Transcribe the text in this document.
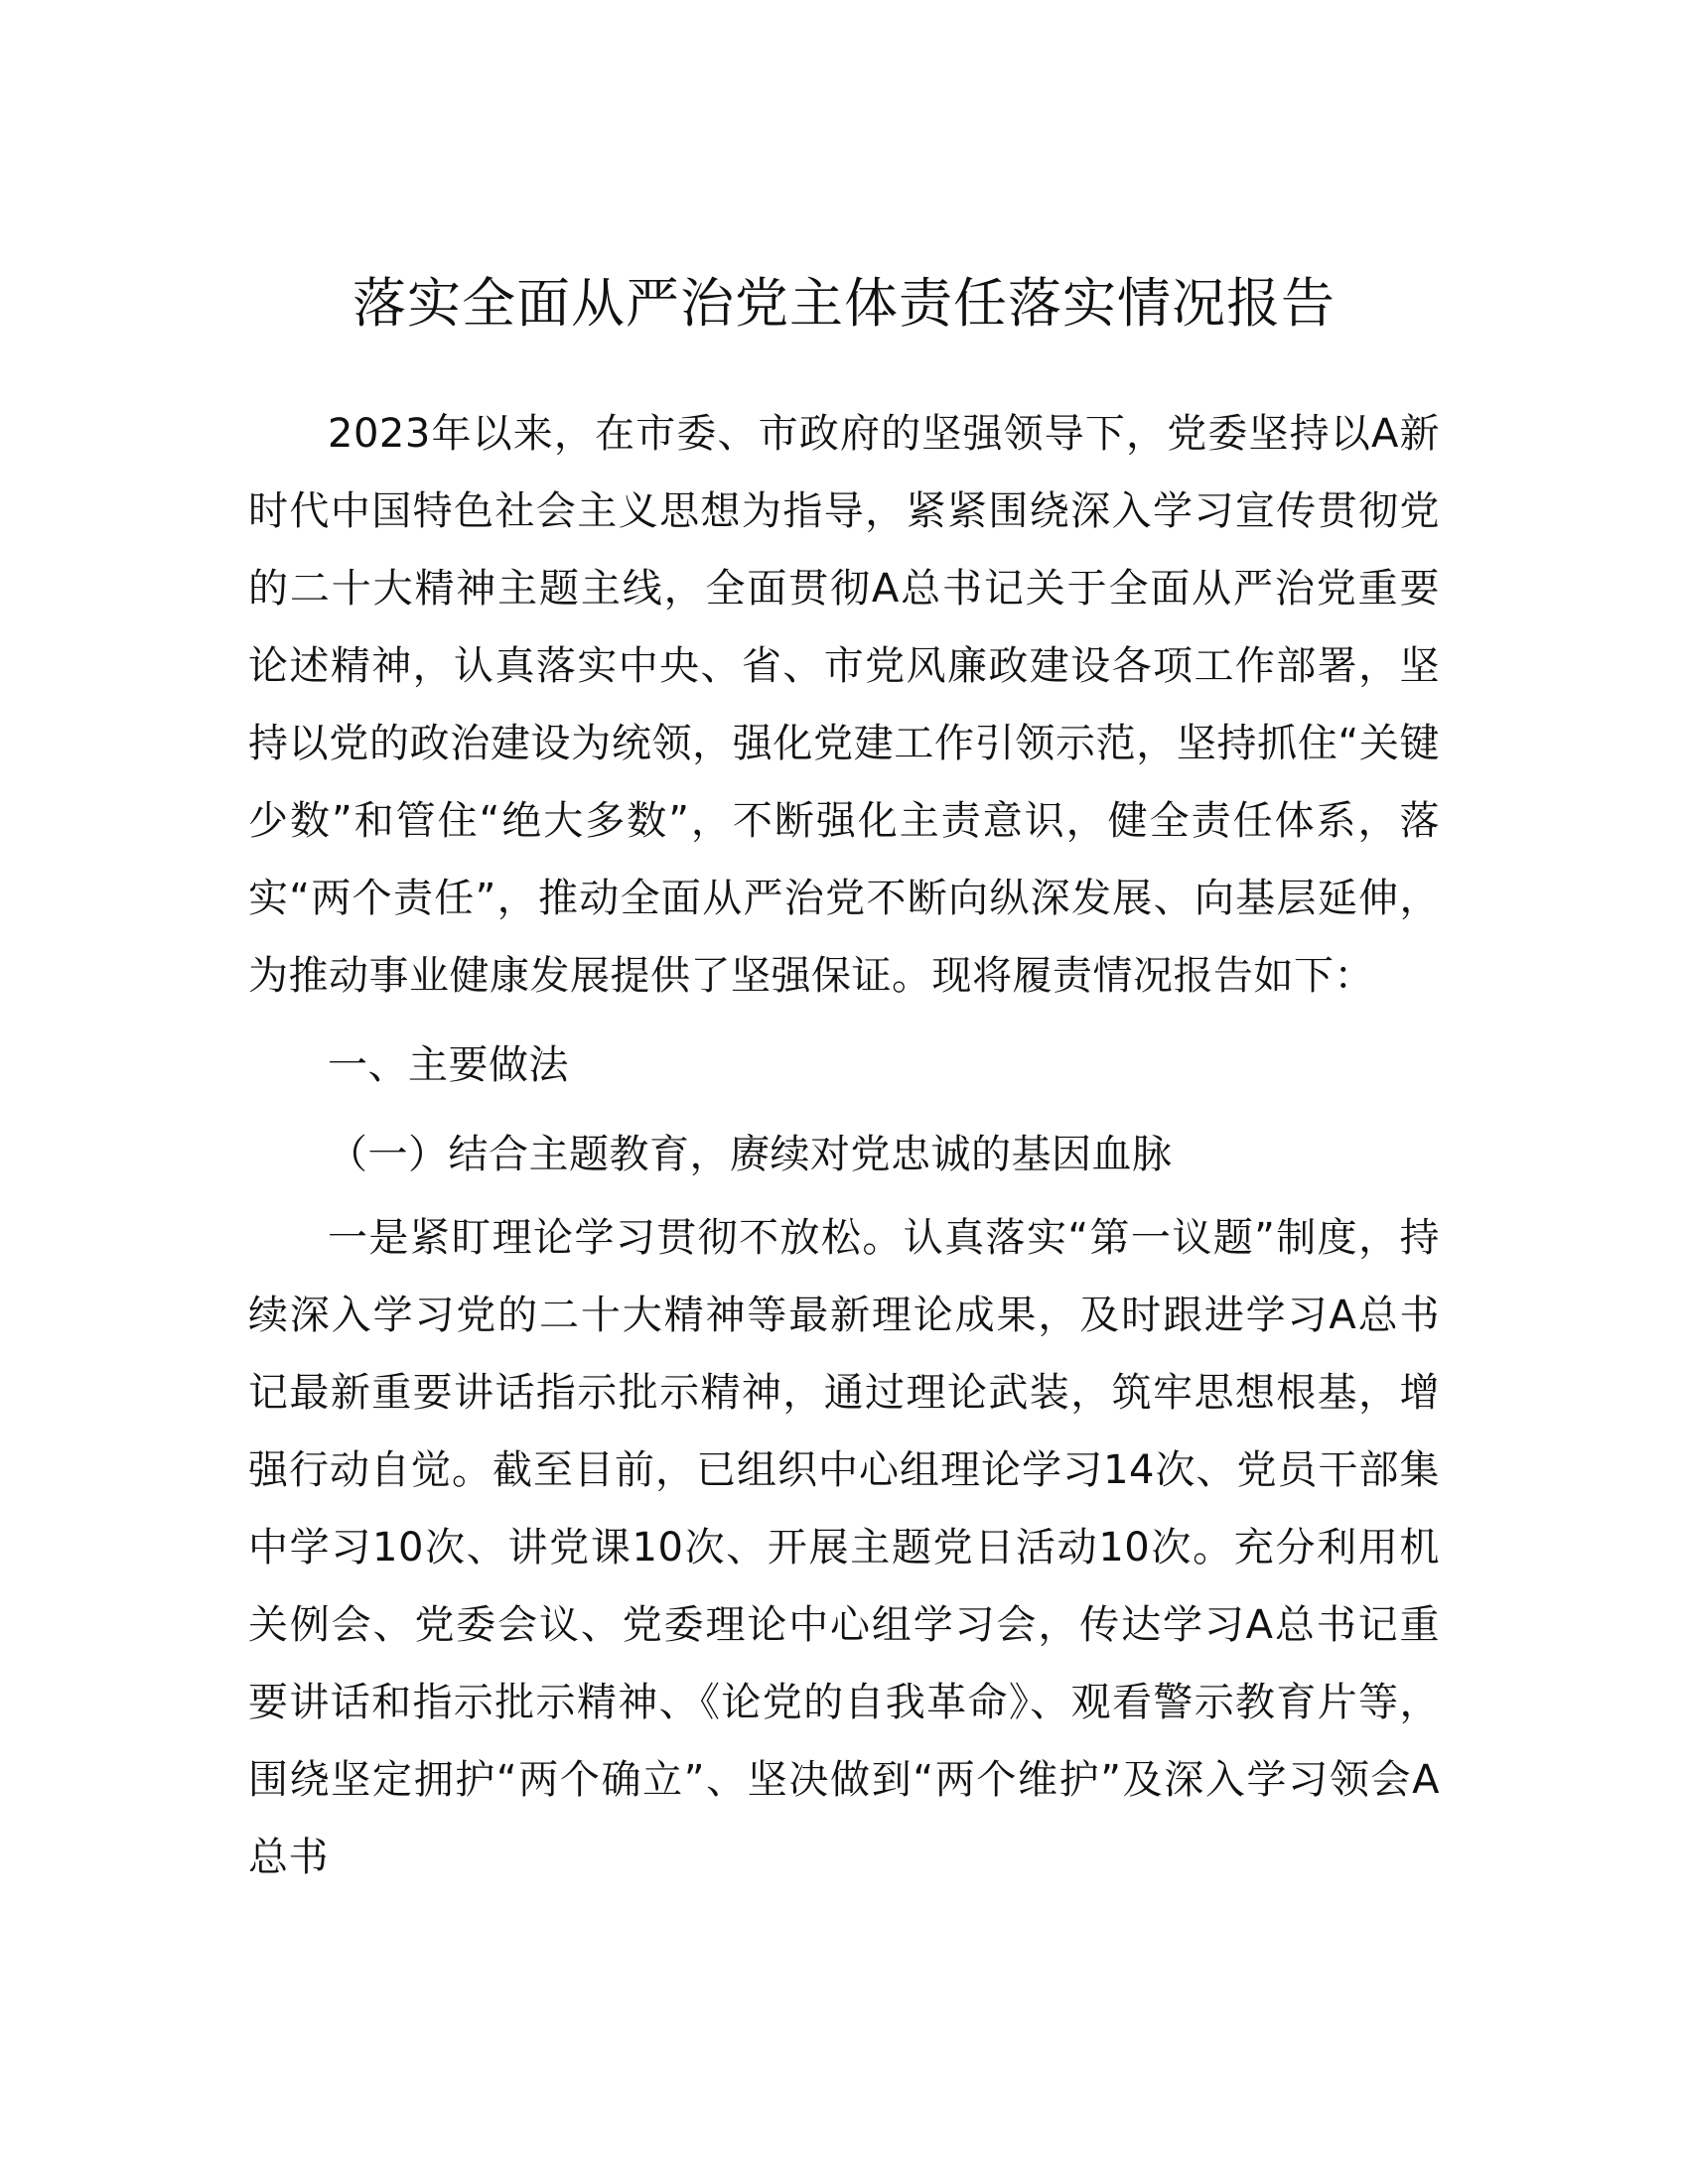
落实全面从严治党主体责任落实情况报告

2023年以来，在市委、市政府的坚强领导下，党委坚持以A新时代中国特色社会主义思想为指导，紧紧围绕深入学习宣传贯彻党的二十大精神主题主线，全面贯彻A总书记关于全面从严治党重要论述精神，认真落实中央、省、市党风廉政建设各项工作部署，坚持以党的政治建设为统领，强化党建工作引领示范，坚持抓住“关键少数”和管住“绝大多数”，不断强化主责意识，健全责任体系，落实“两个责任”，推动全面从严治党不断向纵深发展、向基层延伸，为推动事业健康发展提供了坚强保证。现将履责情况报告如下：

一、主要做法

（一）结合主题教育，赓续对党忠诚的基因血脉

一是紧盯理论学习贯彻不放松。认真落实“第一议题”制度，持续深入学习党的二十大精神等最新理论成果，及时跟进学习A总书记最新重要讲话指示批示精神，通过理论武装，筑牢思想根基，增强行动自觉。截至目前，已组织中心组理论学习14次、党员干部集中学习10次、讲党课10次、开展主题党日活动10次。充分利用机关例会、党委会议、党委理论中心组学习会，传达学习A总书记重要讲话和指示批示精神、《论党的自我革命》、观看警示教育片等，围绕坚定拥护“两个确立”、坚决做到“两个维护”及深入学习领会A总书
